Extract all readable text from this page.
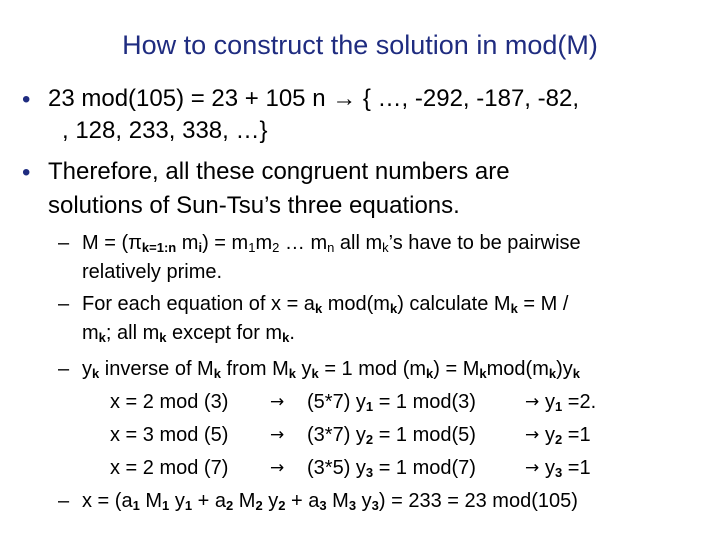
How to construct the solution in mod(M)
• 23 mod(105) = 23 + 105 n → { …, -292, -187, -82,
, 128, 233, 338, …}
• Therefore, all these congruent numbers are
solutions of Sun-Tsu’s three equations.
– $M = (\pi_{k=1:n}$ $m_i) = m_1m_2$ … $m_n$ all $m_k’s$ have to be pairwise
relatively prime.
– For each equation of $x = a_k$ $mod(m_k)$ calculate $M_k = M$ /
$m_k$; all $m_k$ except for $m_k$.
– $y_k$ inverse of $M_k$ from $M_k$ $y_k = 1$ mod $(m_k) = M_kmod(m_k)y_k$
x = 2 mod (3) → (5*7) $y_1 = 1$ mod(3)	→ $y_1 =2$.
x = 3 mod (5) → (3*7) $y_2 = 1$ mod(5)	→ $y_2 =1$
x = 2 mod (7) → (3*5) $y_3 = 1$ mod(7)	→ $y_3 =1$
– $x = (a_1$ $M_1$ $y_1 + a_2$ $M_2$ $y_2 + a_3$ $M_3$ $y_3) = 233 = 23$ mod(105)
